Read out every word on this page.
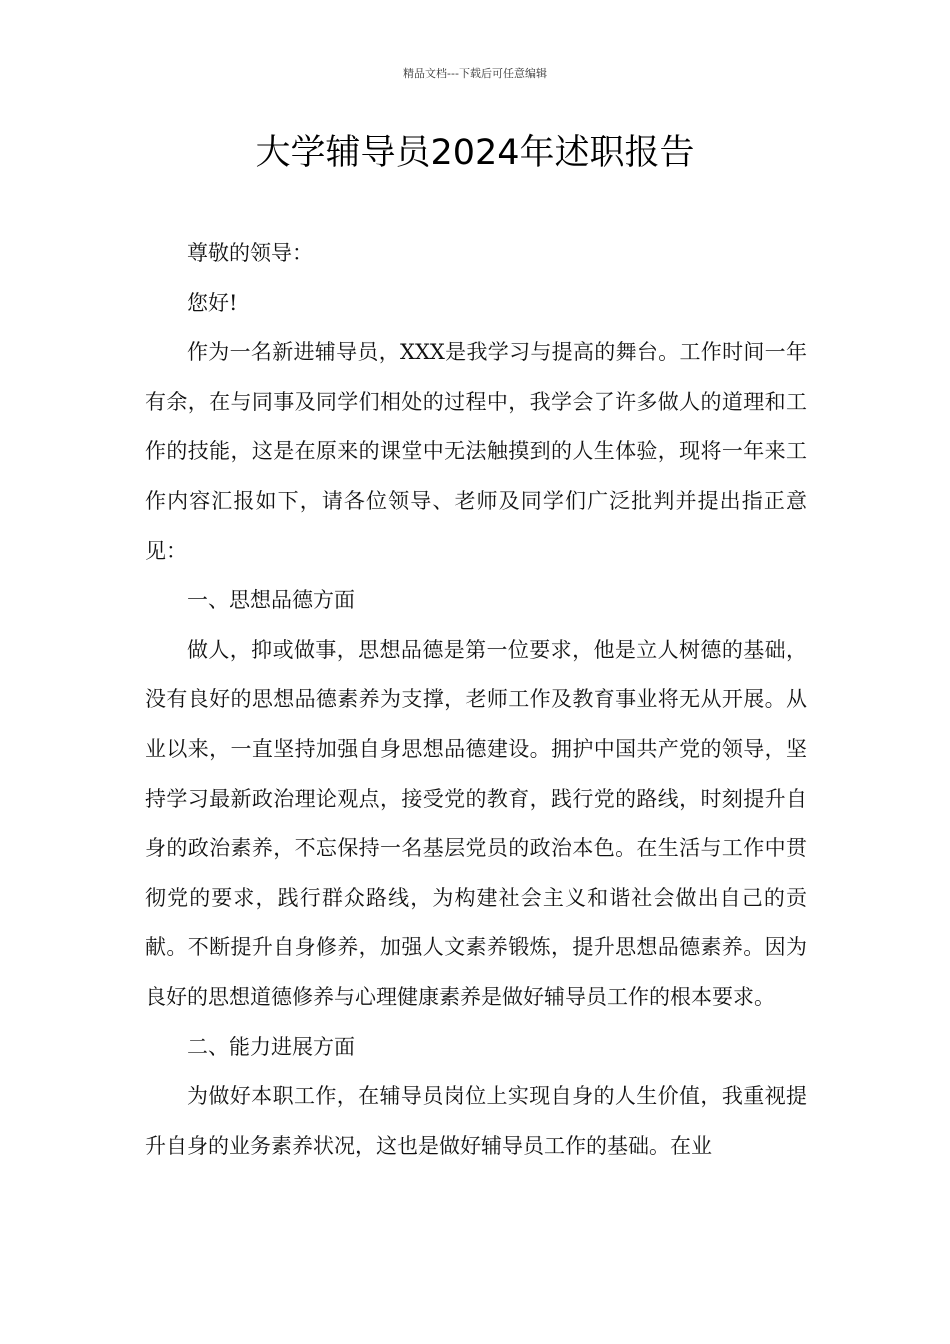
精品文档---下载后可任意编辑
大学辅导员2024年述职报告

尊敬的领导：

您好!

作为一名新进辅导员，XXX是我学习与提高的舞台。工作时间一年有余，在与同事及同学们相处的过程中，我学会了许多做人的道理和工作的技能，这是在原来的课堂中无法触摸到的人生体验，现将一年来工作内容汇报如下，请各位领导、老师及同学们广泛批判并提出指正意见：

一、思想品德方面

做人，抑或做事，思想品德是第一位要求，他是立人树德的基础，没有良好的思想品德素养为支撑，老师工作及教育事业将无从开展。从业以来，一直坚持加强自身思想品德建设。拥护中国共产党的领导，坚持学习最新政治理论观点，接受党的教育，践行党的路线，时刻提升自身的政治素养，不忘保持一名基层党员的政治本色。在生活与工作中贯彻党的要求，践行群众路线，为构建社会主义和谐社会做出自己的贡献。不断提升自身修养，加强人文素养锻炼，提升思想品德素养。因为良好的思想道德修养与心理健康素养是做好辅导员工作的根本要求。

二、能力进展方面

为做好本职工作，在辅导员岗位上实现自身的人生价值，我重视提升自身的业务素养状况，这也是做好辅导员工作的基础。在业
